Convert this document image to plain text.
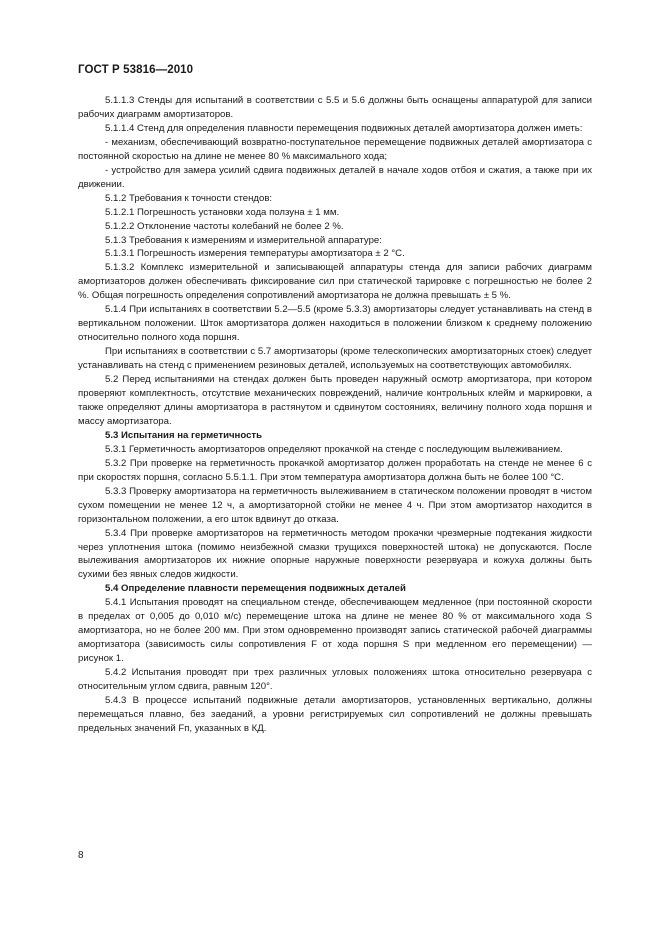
ГОСТ Р 53816—2010

5.1.1.3 Стенды для испытаний в соответствии с 5.5 и 5.6 должны быть оснащены аппаратурой для записи рабочих диаграмм амортизаторов.

5.1.1.4 Стенд для определения плавности перемещения подвижных деталей амортизатора должен иметь:

- механизм, обеспечивающий возвратно-поступательное перемещение подвижных деталей амортизатора с постоянной скоростью на длине не менее 80 % максимального хода;

- устройство для замера усилий сдвига подвижных деталей в начале ходов отбоя и сжатия, а также при их движении.

5.1.2 Требования к точности стендов:

5.1.2.1 Погрешность установки хода ползуна ± 1 мм.

5.1.2.2 Отклонение частоты колебаний не более 2 %.

5.1.3 Требования к измерениям и измерительной аппаратуре:

5.1.3.1 Погрешность измерения температуры амортизатора ± 2 °С.

5.1.3.2 Комплекс измерительной и записывающей аппаратуры стенда для записи рабочих диаграмм амортизаторов должен обеспечивать фиксирование сил при статической тарировке с погрешностью не более 2 %. Общая погрешность определения сопротивлений амортизатора не должна превышать ± 5 %.

5.1.4 При испытаниях в соответствии 5.2—5.5 (кроме 5.3.3) амортизаторы следует устанавливать на стенд в вертикальном положении. Шток амортизатора должен находиться в положении близком к среднему положению относительно полного хода поршня.

При испытаниях в соответствии с 5.7 амортизаторы (кроме телескопических амортизаторных стоек) следует устанавливать на стенд с применением резиновых деталей, используемых на соответствующих автомобилях.

5.2 Перед испытаниями на стендах должен быть проведен наружный осмотр амортизатора, при котором проверяют комплектность, отсутствие механических повреждений, наличие контрольных клейм и маркировки, а также определяют длины амортизатора в растянутом и сдвинутом состояниях, величину полного хода поршня и массу амортизатора.

5.3 Испытания на герметичность

5.3.1 Герметичность амортизаторов определяют прокачкой на стенде с последующим вылеживанием.

5.3.2 При проверке на герметичность прокачкой амортизатор должен проработать на стенде не менее 6 с при скоростях поршня, согласно 5.5.1.1. При этом температура амортизатора должна быть не более 100 °С.

5.3.3 Проверку амортизатора на герметичность вылеживанием в статическом положении проводят в чистом сухом помещении не менее 12 ч, а амортизаторной стойки не менее 4 ч. При этом амортизатор находится в горизонтальном положении, а его шток вдвинут до отказа.

5.3.4 При проверке амортизаторов на герметичность методом прокачки чрезмерные подтекания жидкости через уплотнения штока (помимо неизбежной смазки трущихся поверхностей штока) не допускаются. После вылеживания амортизаторов их нижние опорные наружные поверхности резервуара и кожуха должны быть сухими без явных следов жидкости.

5.4 Определение плавности перемещения подвижных деталей

5.4.1 Испытания проводят на специальном стенде, обеспечивающем медленное (при постоянной скорости в пределах от 0,005 до 0,010 м/с) перемещение штока на длине не менее 80 % от максимального хода S амортизатора, но не более 200 мм. При этом одновременно производят запись статической рабочей диаграммы амортизатора (зависимость силы сопротивления F от хода поршня S при медленном его перемещении) — рисунок 1.

5.4.2 Испытания проводят при трех различных угловых положениях штока относительно резервуара с относительным углом сдвига, равным 120°.

5.4.3 В процессе испытаний подвижные детали амортизаторов, установленных вертикально, должны перемещаться плавно, без заеданий, а уровни регистрируемых сил сопротивлений не должны превышать предельных значений Fп, указанных в КД.

8
